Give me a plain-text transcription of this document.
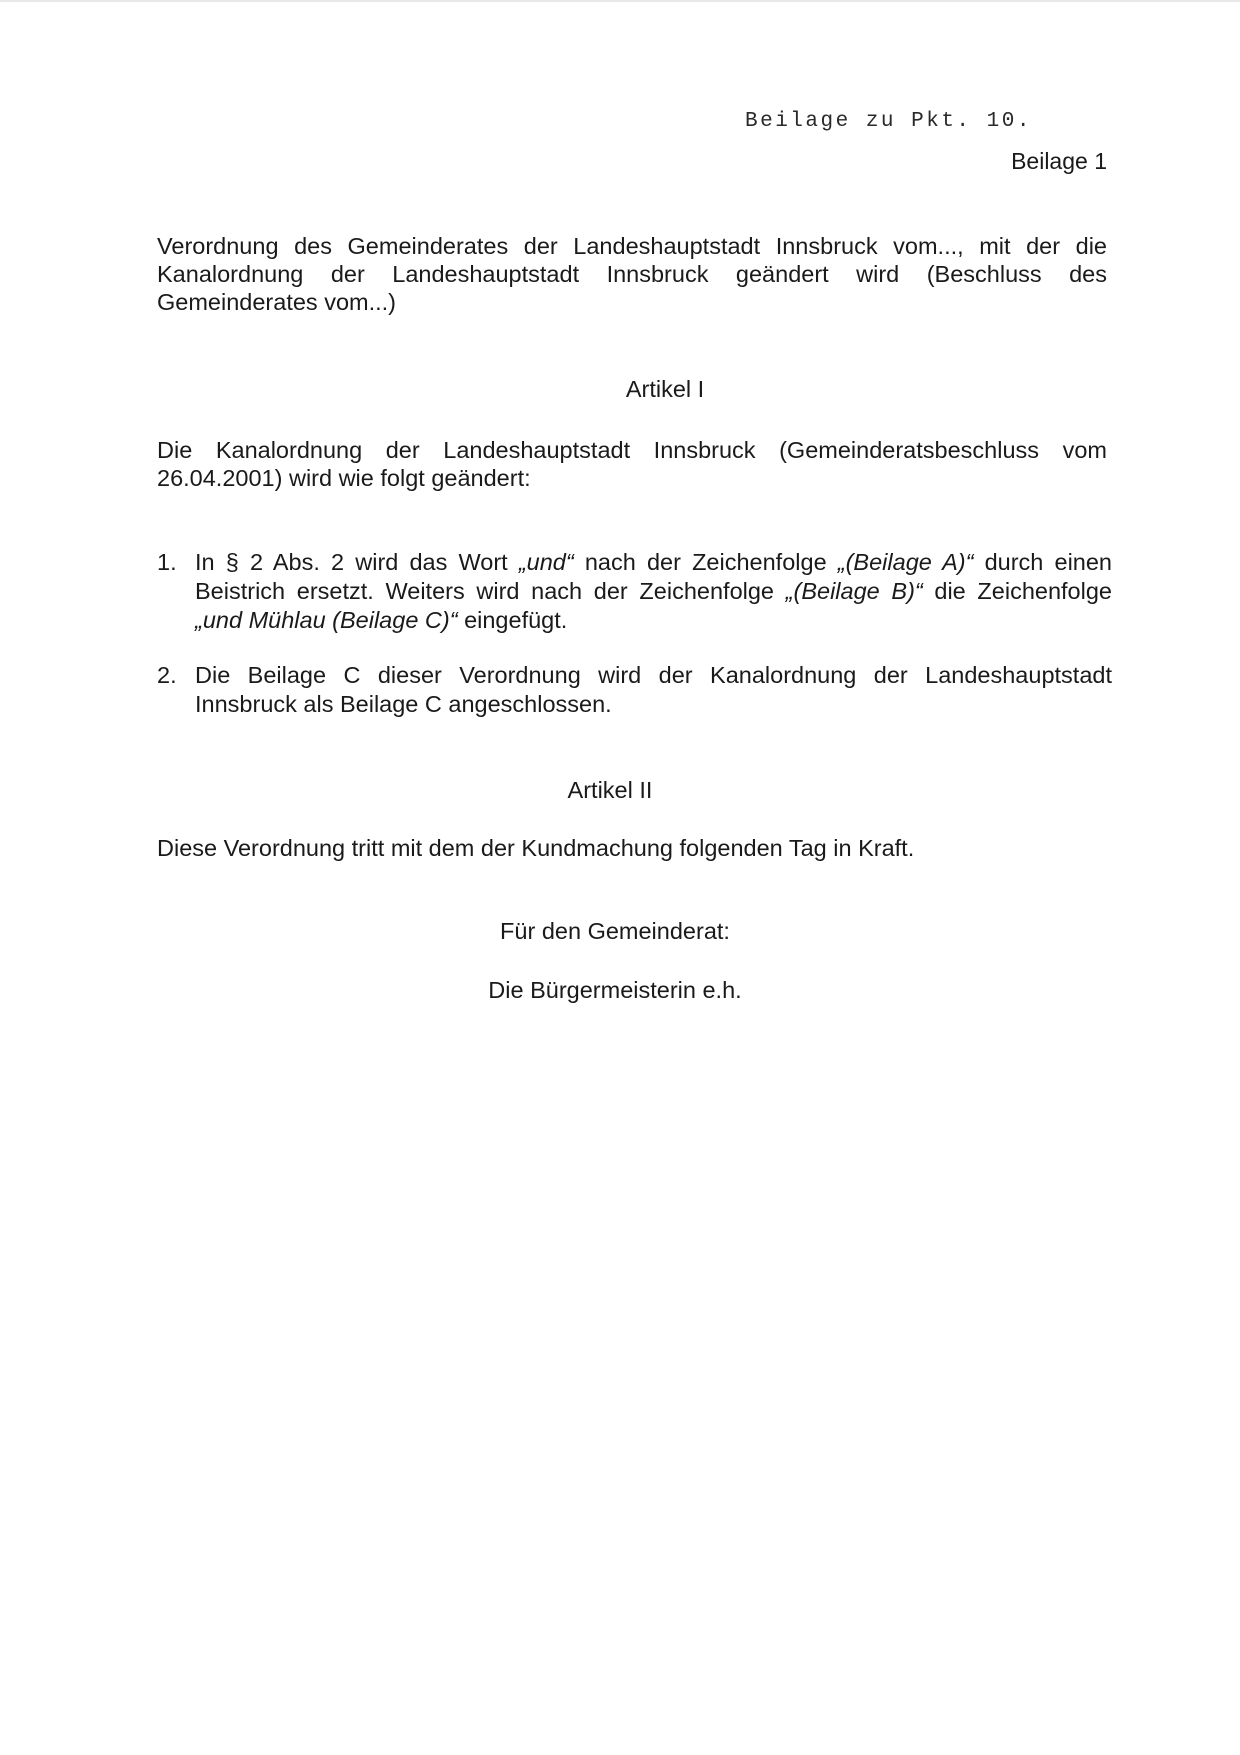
Beilage zu Pkt. 10.
Beilage 1
Verordnung des Gemeinderates der Landeshauptstadt Innsbruck vom..., mit der die Kanalordnung der Landeshauptstadt Innsbruck geändert wird (Beschluss des Gemeinderates vom...)
Artikel I
Die Kanalordnung der Landeshauptstadt Innsbruck (Gemeinderatsbeschluss vom 26.04.2001) wird wie folgt geändert:
1. In § 2 Abs. 2 wird das Wort „und“ nach der Zeichenfolge „(Beilage A)“ durch einen Beistrich ersetzt. Weiters wird nach der Zeichenfolge „(Beilage B)“ die Zeichenfolge „und Mühlau (Beilage C)“ eingefügt.
2. Die Beilage C dieser Verordnung wird der Kanalordnung der Landeshauptstadt Innsbruck als Beilage C angeschlossen.
Artikel II
Diese Verordnung tritt mit dem der Kundmachung folgenden Tag in Kraft.
Für den Gemeinderat:
Die Bürgermeisterin e.h.
